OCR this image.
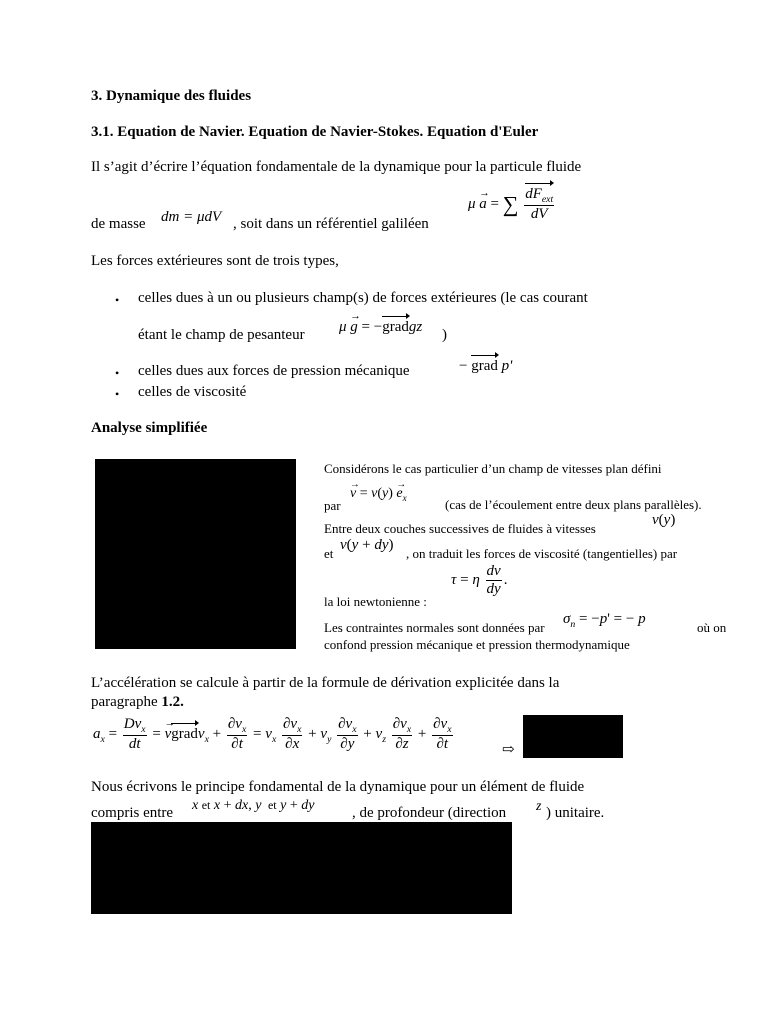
3. Dynamique des fluides
3.1. Equation de Navier. Equation de Navier-Stokes. Equation d'Euler
Il s’agit d’écrire l’équation fondamentale de la dynamique pour la particule fluide
de masse dm = μdV , soit dans un référentiel galiléen
μ → a = ∑ $\frac{dF_{ext}}{dV}$
Les forces extérieures sont de trois types,
• celles dues à un ou plusieurs champ(s) de forces extérieures (le cas courant
étant le champ de pesanteur μ → g = −gradgz )
• celles dues aux forces de pression mécanique	− grad p'
• celles de viscosité
Analyse simplifiée
Considérons le cas particulier d’un champ de vitesses plan défini
par
→ $v = v(y) \to e_x$	(cas de l’écoulement entre deux plans parallèles).
Entre deux couches successives de fluides à vitesses
v(y)
et
v(y + dy)
, on traduit les forces de viscosité (tangentielles) par
τ = η $\frac{dv}{dy}$ .
la loi newtonienne :
Les contraintes normales sont données par
$\sigma_n = -p'$ = − p
où on
confond pression mécanique et pression thermodynamique
L’accélération se calcule à partir de la formule de dérivation explicitée dans la
paragraphe 1.2.
$a_x = \frac{Dv_x}{dt}$ = → vgradv$_x$ + $\frac{\partial v_x}{\partial t} = v_x \frac{\partial v_x}{\partial x} + v_y \frac{\partial v_x}{\partial y} + v_z \frac{\partial v_x}{\partial z} + \frac{\partial v_x}{\partial t}$	⇨
Nous écrivons le principe fondamental de la dynamique pour un élément de fluide
compris entre x et x + dx, y  et y + dy	, de profondeur (direction z ) unitaire.
